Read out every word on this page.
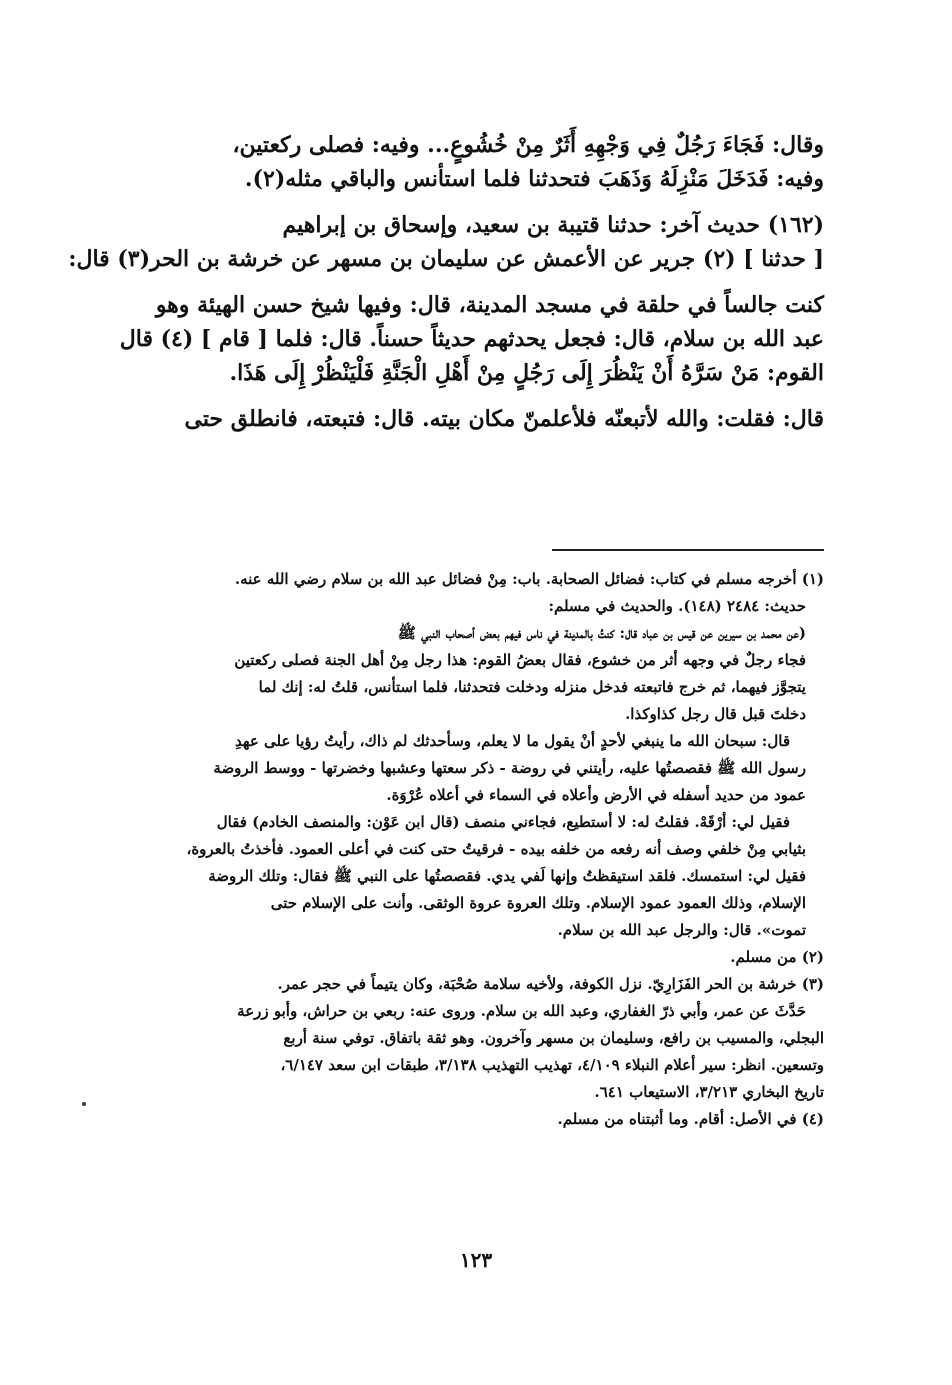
وقال: فَجَاءَ رَجُلٌ فِي وَجْهِهِ أَثَرٌ مِنْ خُشُوعٍ... وفيه: فصلى ركعتين،
وفيه: فَدَخَلَ مَنْزِلَهُ وَذَهَبَ فتحدثنا فلما استأنس والباقي مثله(٢).
(١٦٢) حديث آخر: حدثنا قتيبة بن سعيد، وإسحاق بن إبراهيم
[ حدثنا ] (٢) جرير عن الأعمش عن سليمان بن مسهر عن خرشة بن الحر(٣) قال:
كنت جالساً في حلقة في مسجد المدينة، قال: وفيها شيخ حسن الهيئة وهو
عبد الله بن سلام، قال: فجعل يحدثهم حديثاً حسناً. قال: فلما [ قام ] (٤) قال
القوم: مَنْ سَرَّهُ أَنْ يَنْظُرَ إِلَى رَجُلٍ مِنْ أَهْلِ الْجَنَّةِ فَلْيَنْظُرْ إِلَى هَذَا.
قال: فقلت: والله لأتبعنّه فلأعلمنّ مكان بيته. قال: فتبعته، فانطلق حتى
(١) أخرجه مسلم في كتاب: فضائل الصحابة. باب: مِنْ فضائل عبد الله بن سلام رضي الله عنه.
حديث: ٢٤٨٤ (١٤٨). والحديث في مسلم:
(عن محمد بن سيرين عن قيس بن عباد قال: كنتُ بالمدينة في ناس فيهم بعض أصحاب النبي ﷺ
فجاء رجلٌ في وجهه أثر من خشوع، فقال بعضُ القوم: هذا رجل مِنْ أهل الجنة فصلى ركعتين
يتجوَّز فيهما، ثم خرج فاتبعته فدخل منزله ودخلت فتحدثنا، فلما استأنس، قلتُ له: إنك لما
دخلتَ قبل قال رجل كذاوكذا.
قال: سبحان الله ما ينبغي لأحدٍ أنْ يقول ما لا يعلم، وسأحدثك لم ذاك، رأيتُ رؤيا على عهدِ
رسول الله ﷺ فقصصتُها عليه، رأيتني في روضة - ذكر سعتها وعشبها وخضرتها - ووسط الروضة
عمود من حديد أسفله في الأرض وأعلاه في السماء في أعلاه عُرْوَة.
فقيل لي: أرْقَهْ. فقلتُ له: لا أستطيع، فجاءني منصف (قال ابن عَوْن: والمنصف الخادم) فقال
بثيابي مِنْ خلفي وصف أنه رفعه من خلفه بيده - فرقيتُ حتى كنت في أعلى العمود. فأخذتُ بالعروة،
فقيل لي: استمسك. فلقد استيقظتُ وإنها لَفي يدي. فقصصتُها على النبي ﷺ فقال: وتلك الروضة
الإسلام، وذلك العمود عمود الإسلام. وتلك العروة عروة الوثقى. وأنت على الإسلام حتى
تموت». قال: والرجل عبد الله بن سلام.
(٢) من مسلم.
(٣) خرشة بن الحر الفَزَارِيّ. نزل الكوفة، ولأخيه سلامة صُحْبَة، وكان يتيماً في حجر عمر.
حَدَّثَ عن عمر، وأبي ذرّ الغفاري، وعبد الله بن سلام. وروى عنه: ربعي بن حراش، وأبو زرعة
البجلي، والمسيب بن رافع، وسليمان بن مسهر وآخرون. وهو ثقة باتفاق. توفي سنة أربع
وتسعين. انظر: سير أعلام النبلاء ٤/١٠٩، تهذيب التهذيب ٣/١٣٨، طبقات ابن سعد ٦/١٤٧،
تاريخ البخاري ٣/٢١٣، الاستيعاب ٦٤١.
(٤) في الأصل: أقام. وما أثبتناه من مسلم.
١٢٣
